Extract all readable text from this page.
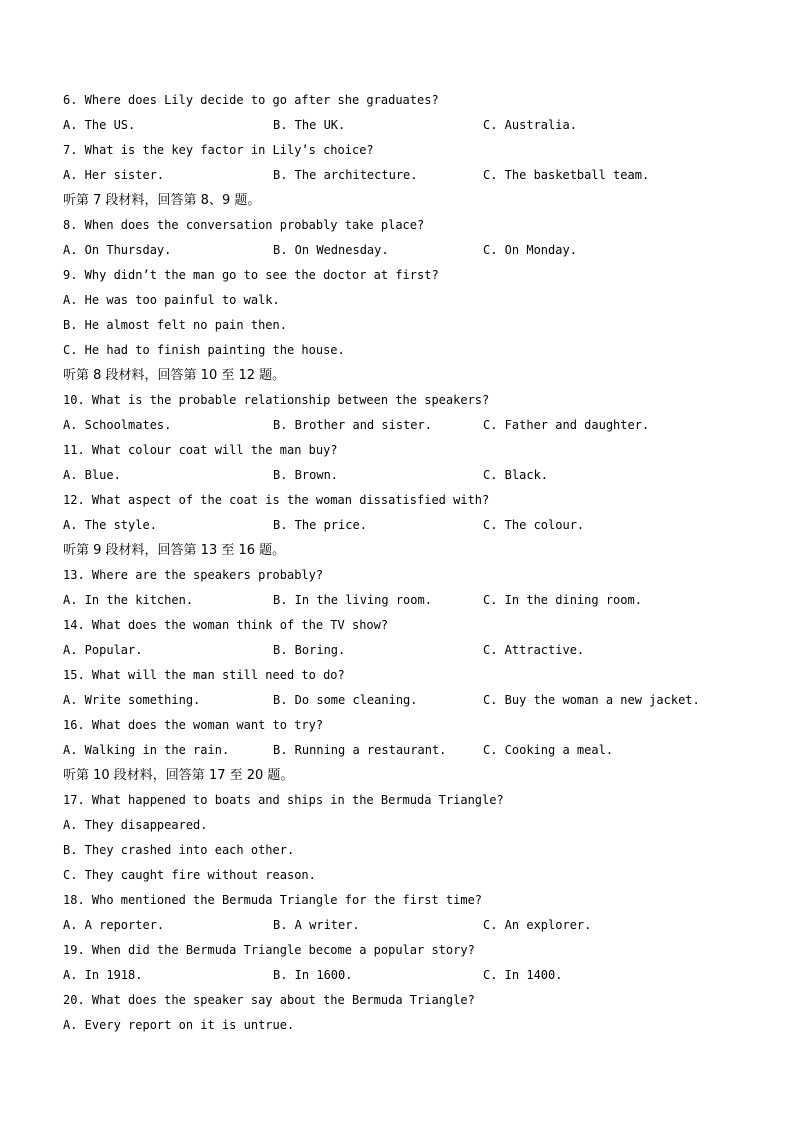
6. Where does Lily decide to go after she graduates?
A. The US.	B. The UK.	C. Australia.
7. What is the key factor in Lily’s choice?
A. Her sister.	B. The architecture.	C. The basketball team.
听第 7 段材料，回答第 8、9 题。
8. When does the conversation probably take place?
A. On Thursday.	B. On Wednesday.	C. On Monday.
9. Why didn’t the man go to see the doctor at first?
A. He was too painful to walk.
B. He almost felt no pain then.
C. He had to finish painting the house.
听第 8 段材料，回答第 10 至 12 题。
10. What is the probable relationship between the speakers?
A. Schoolmates.	B. Brother and sister.	C. Father and daughter.
11. What colour coat will the man buy?
A. Blue.	B. Brown.	C. Black.
12. What aspect of the coat is the woman dissatisfied with?
A. The style.	B. The price.	C. The colour.
听第 9 段材料，回答第 13 至 16 题。
13. Where are the speakers probably?
A. In the kitchen.	B. In the living room.	C. In the dining room.
14. What does the woman think of the TV show?
A. Popular.	B. Boring.	C. Attractive.
15. What will the man still need to do?
A. Write something.	B. Do some cleaning.	C. Buy the woman a new jacket.
16. What does the woman want to try?
A. Walking in the rain.	B. Running a restaurant.	C. Cooking a meal.
听第 10 段材料，回答第 17 至 20 题。
17. What happened to boats and ships in the Bermuda Triangle?
A. They disappeared.
B. They crashed into each other.
C. They caught fire without reason.
18. Who mentioned the Bermuda Triangle for the first time?
A. A reporter.	B. A writer.	C. An explorer.
19. When did the Bermuda Triangle become a popular story?
A. In 1918.	B. In 1600.	C. In 1400.
20. What does the speaker say about the Bermuda Triangle?
A. Every report on it is untrue.
